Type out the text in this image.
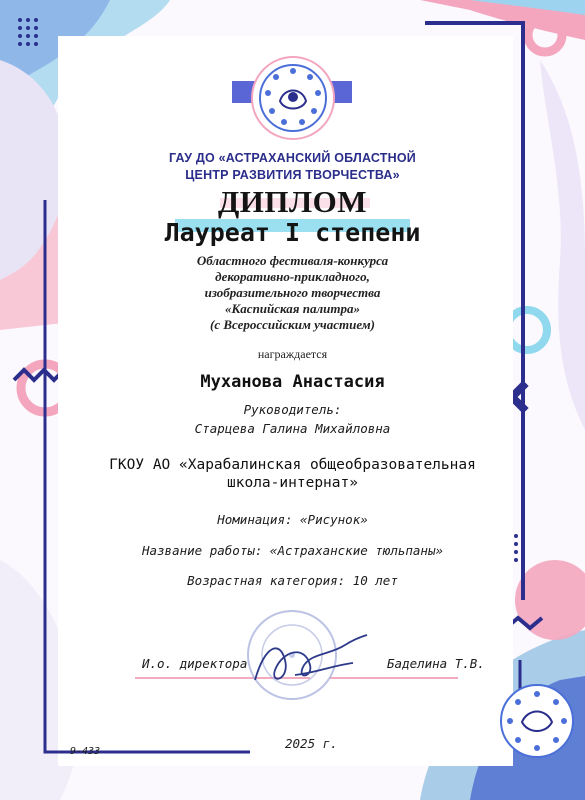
ГАУ ДО «АСТРАХАНСКИЙ ОБЛАСТНОЙ
ЦЕНТР РАЗВИТИЯ ТВОРЧЕСТВА»
ДИПЛОМ
Лауреат I степени
Областного фестиваля-конкурса
декоративно-прикладного,
изобразительного творчества
«Каспийская палитра»
(с Всероссийским участием)
награждается
Муханова Анастасия
Руководитель:
Старцева Галина Михайловна
ГКОУ АО «Харабалинская общеобразовательная
школа-интернат»
Номинация: «Рисунок»
Название работы: «Астраханские тюльпаны»
Возрастная категория: 10 лет
И.о. директора	Баделина Т.В.
2025 г.
9-433
